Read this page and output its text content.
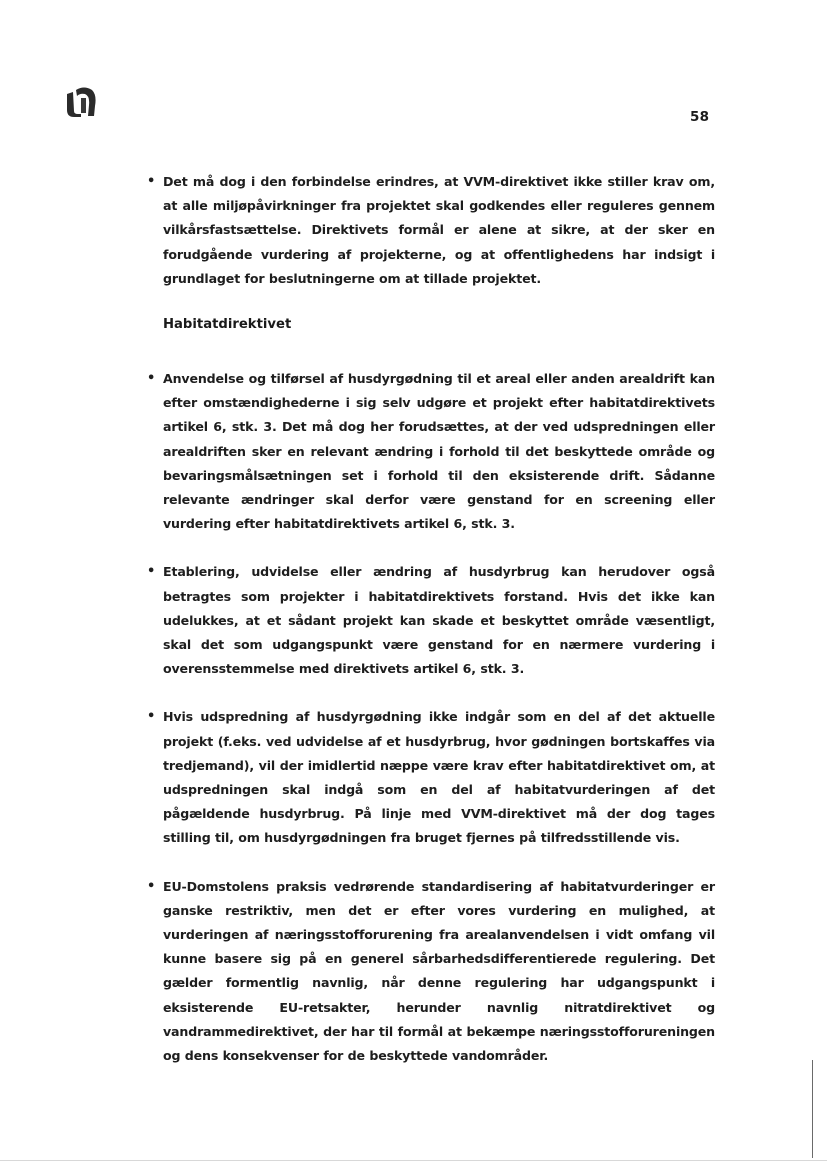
58

• Det må dog i den forbindelse erindres, at VVM-direktivet ikke stiller krav om, at alle miljøpåvirkninger fra projektet skal godkendes eller reguleres gennem vilkårsfastsættelse. Direktivets formål er alene at sikre, at der sker en forudgående vurdering af projekterne, og at offentlighedens har indsigt i grundlaget for beslutningerne om at tillade projektet.

Habitatdirektivet

• Anvendelse og tilførsel af husdyrgødning til et areal eller anden arealdrift kan efter omstændighederne i sig selv udgøre et projekt efter habitatdirektivets artikel 6, stk. 3. Det må dog her forudsættes, at der ved udspredningen eller arealdriften sker en relevant ændring i forhold til det beskyttede område og bevaringsmålsætningen set i forhold til den eksisterende drift. Sådanne relevante ændringer skal derfor være genstand for en screening eller vurdering efter habitatdirektivets artikel 6, stk. 3.

• Etablering, udvidelse eller ændring af husdyrbrug kan herudover også betragtes som projekter i habitatdirektivets forstand. Hvis det ikke kan udelukkes, at et sådant projekt kan skade et beskyttet område væsentligt, skal det som udgangspunkt være genstand for en nærmere vurdering i overensstemmelse med direktivets artikel 6, stk. 3.

• Hvis udspredning af husdyrgødning ikke indgår som en del af det aktuelle projekt (f.eks. ved udvidelse af et husdyrbrug, hvor gødningen bortskaffes via tredjemand), vil der imidlertid næppe være krav efter habitatdirektivet om, at udspredningen skal indgå som en del af habitatvurderingen af det pågældende husdyrbrug. På linje med VVM-direktivet må der dog tages stilling til, om husdyrgødningen fra bruget fjernes på tilfredsstillende vis.

• EU-Domstolens praksis vedrørende standardisering af habitatvurderinger er ganske restriktiv, men det er efter vores vurdering en mulighed, at vurderingen af næringsstofforurening fra arealanvendelsen i vidt omfang vil kunne basere sig på en generel sårbarhedsdifferentierede regulering. Det gælder formentlig navnlig, når denne regulering har udgangspunkt i eksisterende EU-retsakter, herunder navnlig nitratdirektivet og vandrammedirektivet, der har til formål at bekæmpe næringsstofforureningen og dens konsekvenser for de beskyttede vandområder.
